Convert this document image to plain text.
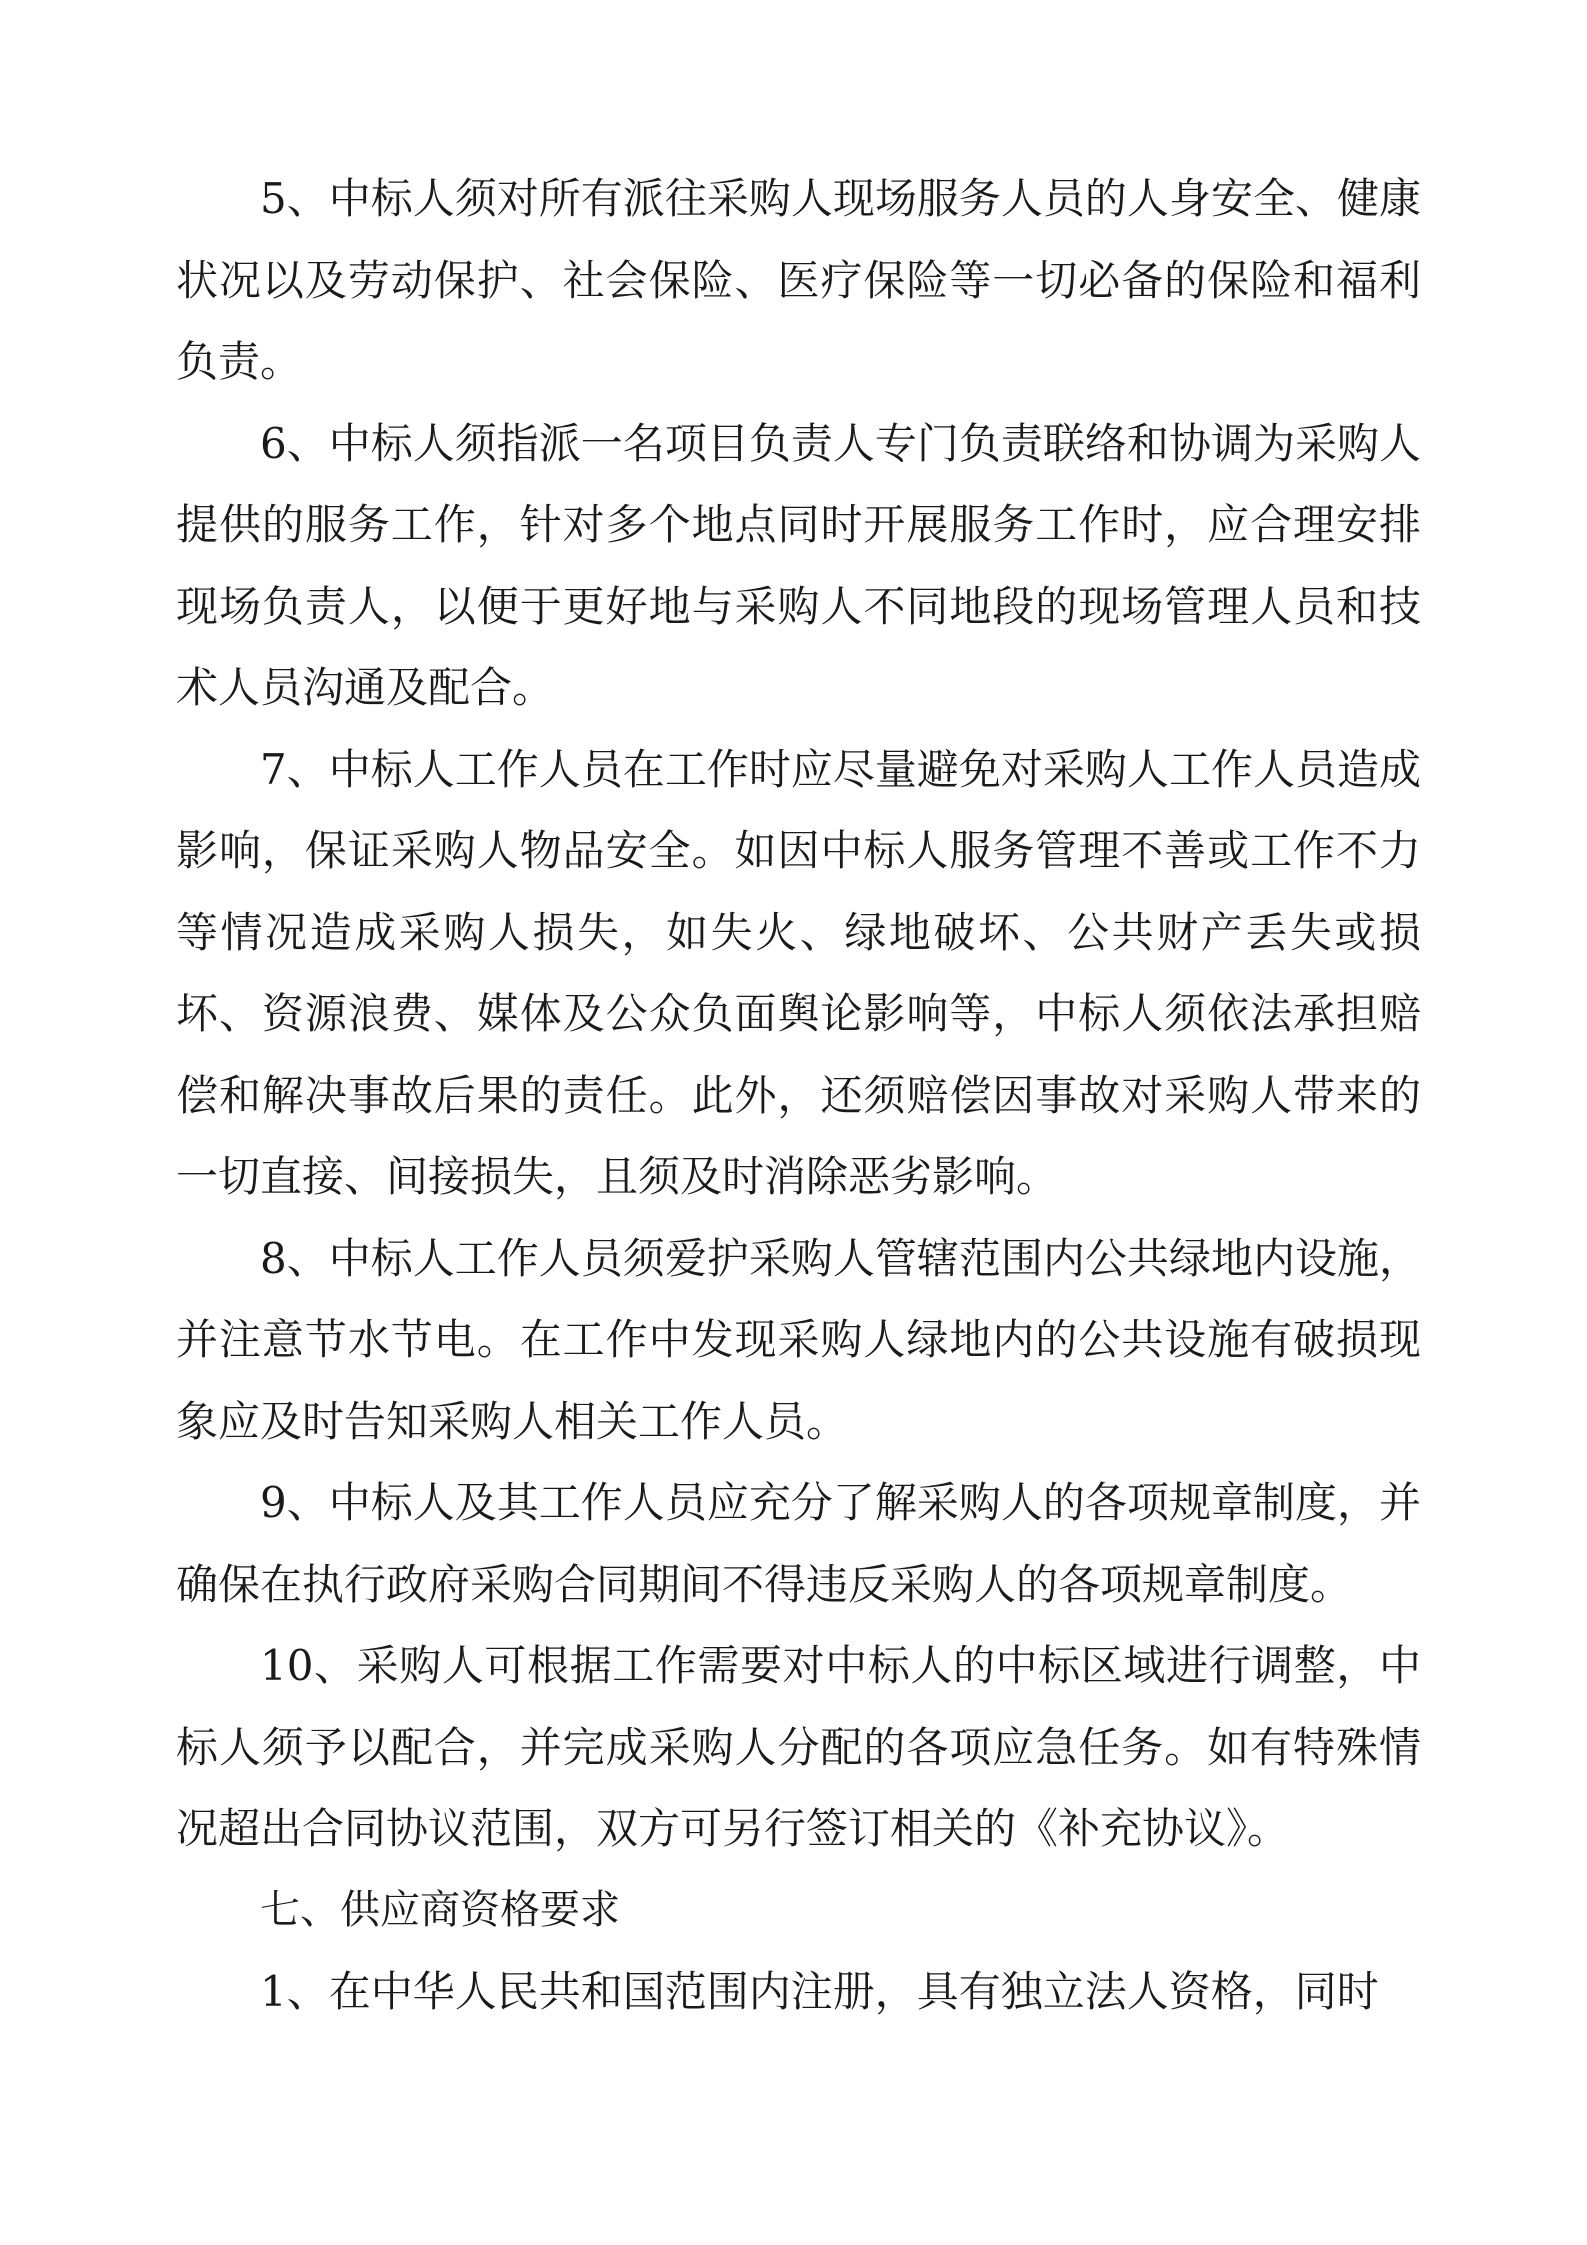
5、中标人须对所有派往采购人现场服务人员的人身安全、健康状况以及劳动保护、社会保险、医疗保险等一切必备的保险和福利负责。

6、中标人须指派一名项目负责人专门负责联络和协调为采购人提供的服务工作，针对多个地点同时开展服务工作时，应合理安排现场负责人，以便于更好地与采购人不同地段的现场管理人员和技术人员沟通及配合。

7、中标人工作人员在工作时应尽量避免对采购人工作人员造成影响，保证采购人物品安全。如因中标人服务管理不善或工作不力等情况造成采购人损失，如失火、绿地破坏、公共财产丢失或损坏、资源浪费、媒体及公众负面舆论影响等，中标人须依法承担赔偿和解决事故后果的责任。此外，还须赔偿因事故对采购人带来的一切直接、间接损失，且须及时消除恶劣影响。

8、中标人工作人员须爱护采购人管辖范围内公共绿地内设施，并注意节水节电。在工作中发现采购人绿地内的公共设施有破损现象应及时告知采购人相关工作人员。

9、中标人及其工作人员应充分了解采购人的各项规章制度，并确保在执行政府采购合同期间不得违反采购人的各项规章制度。

10、采购人可根据工作需要对中标人的中标区域进行调整，中标人须予以配合，并完成采购人分配的各项应急任务。如有特殊情况超出合同协议范围，双方可另行签订相关的《补充协议》。

七、供应商资格要求

1、在中华人民共和国范围内注册，具有独立法人资格，同时
